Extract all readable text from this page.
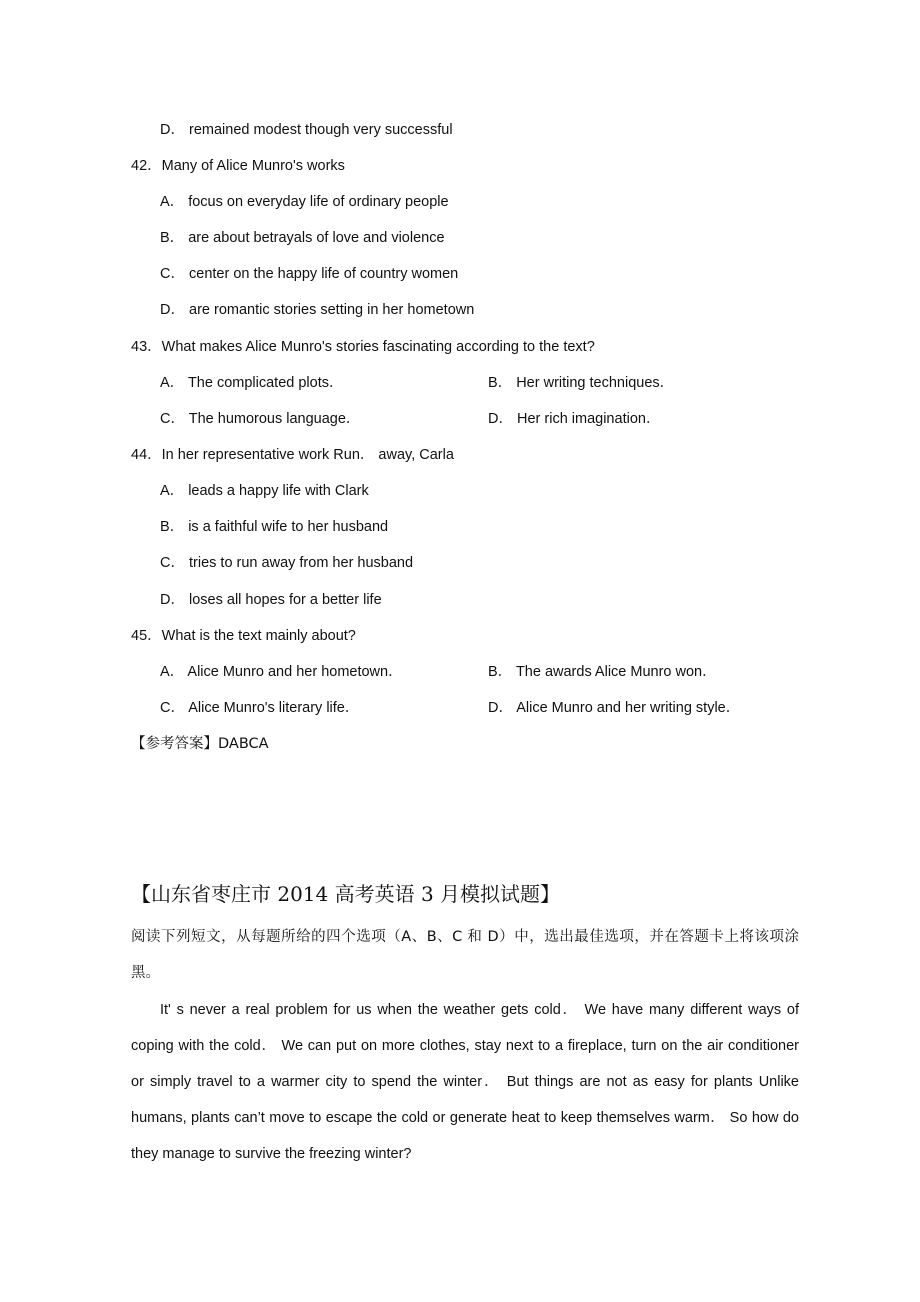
D． remained modest though very successful
42．Many of Alice Munro's works
A． focus on everyday life of ordinary people
B． are about betrayals of love and violence
C． center on the happy life of country women
D． are romantic stories setting in her hometown
43．What makes Alice Munro's stories fascinating according to the text?
A． The complicated plots．	B． Her writing techniques．
C． The humorous language．	D． Her rich imagination．
44．In her representative work Run． away, Carla
A． leads a happy life with Clark
B． is a faithful wife to her husband
C． tries to run away from her husband
D． loses all hopes for a better life
45．What is the text mainly about?
A． Alice Munro and her hometown．	B． The awards Alice Munro won．
C． Alice Munro's literary life．	D． Alice Munro and her writing style．
【参考答案】DABCA
【山东省枣庄市 2014 高考英语 3 月模拟试题】
阅读下列短文，从每题所给的四个选项（A、B、C 和 D）中，选出最佳选项，并在答题卡上将该项涂黑。
It' s never a real problem for us when the weather gets cold． We have many different ways of coping with the cold． We can put on more clothes, stay next to a fireplace, turn on the air conditioner or simply travel to a warmer city to spend the winter． But things are not as easy for plants Unlike humans, plants can’t move to escape the cold or generate heat to keep themselves warm． So how do they manage to survive the freezing winter?
